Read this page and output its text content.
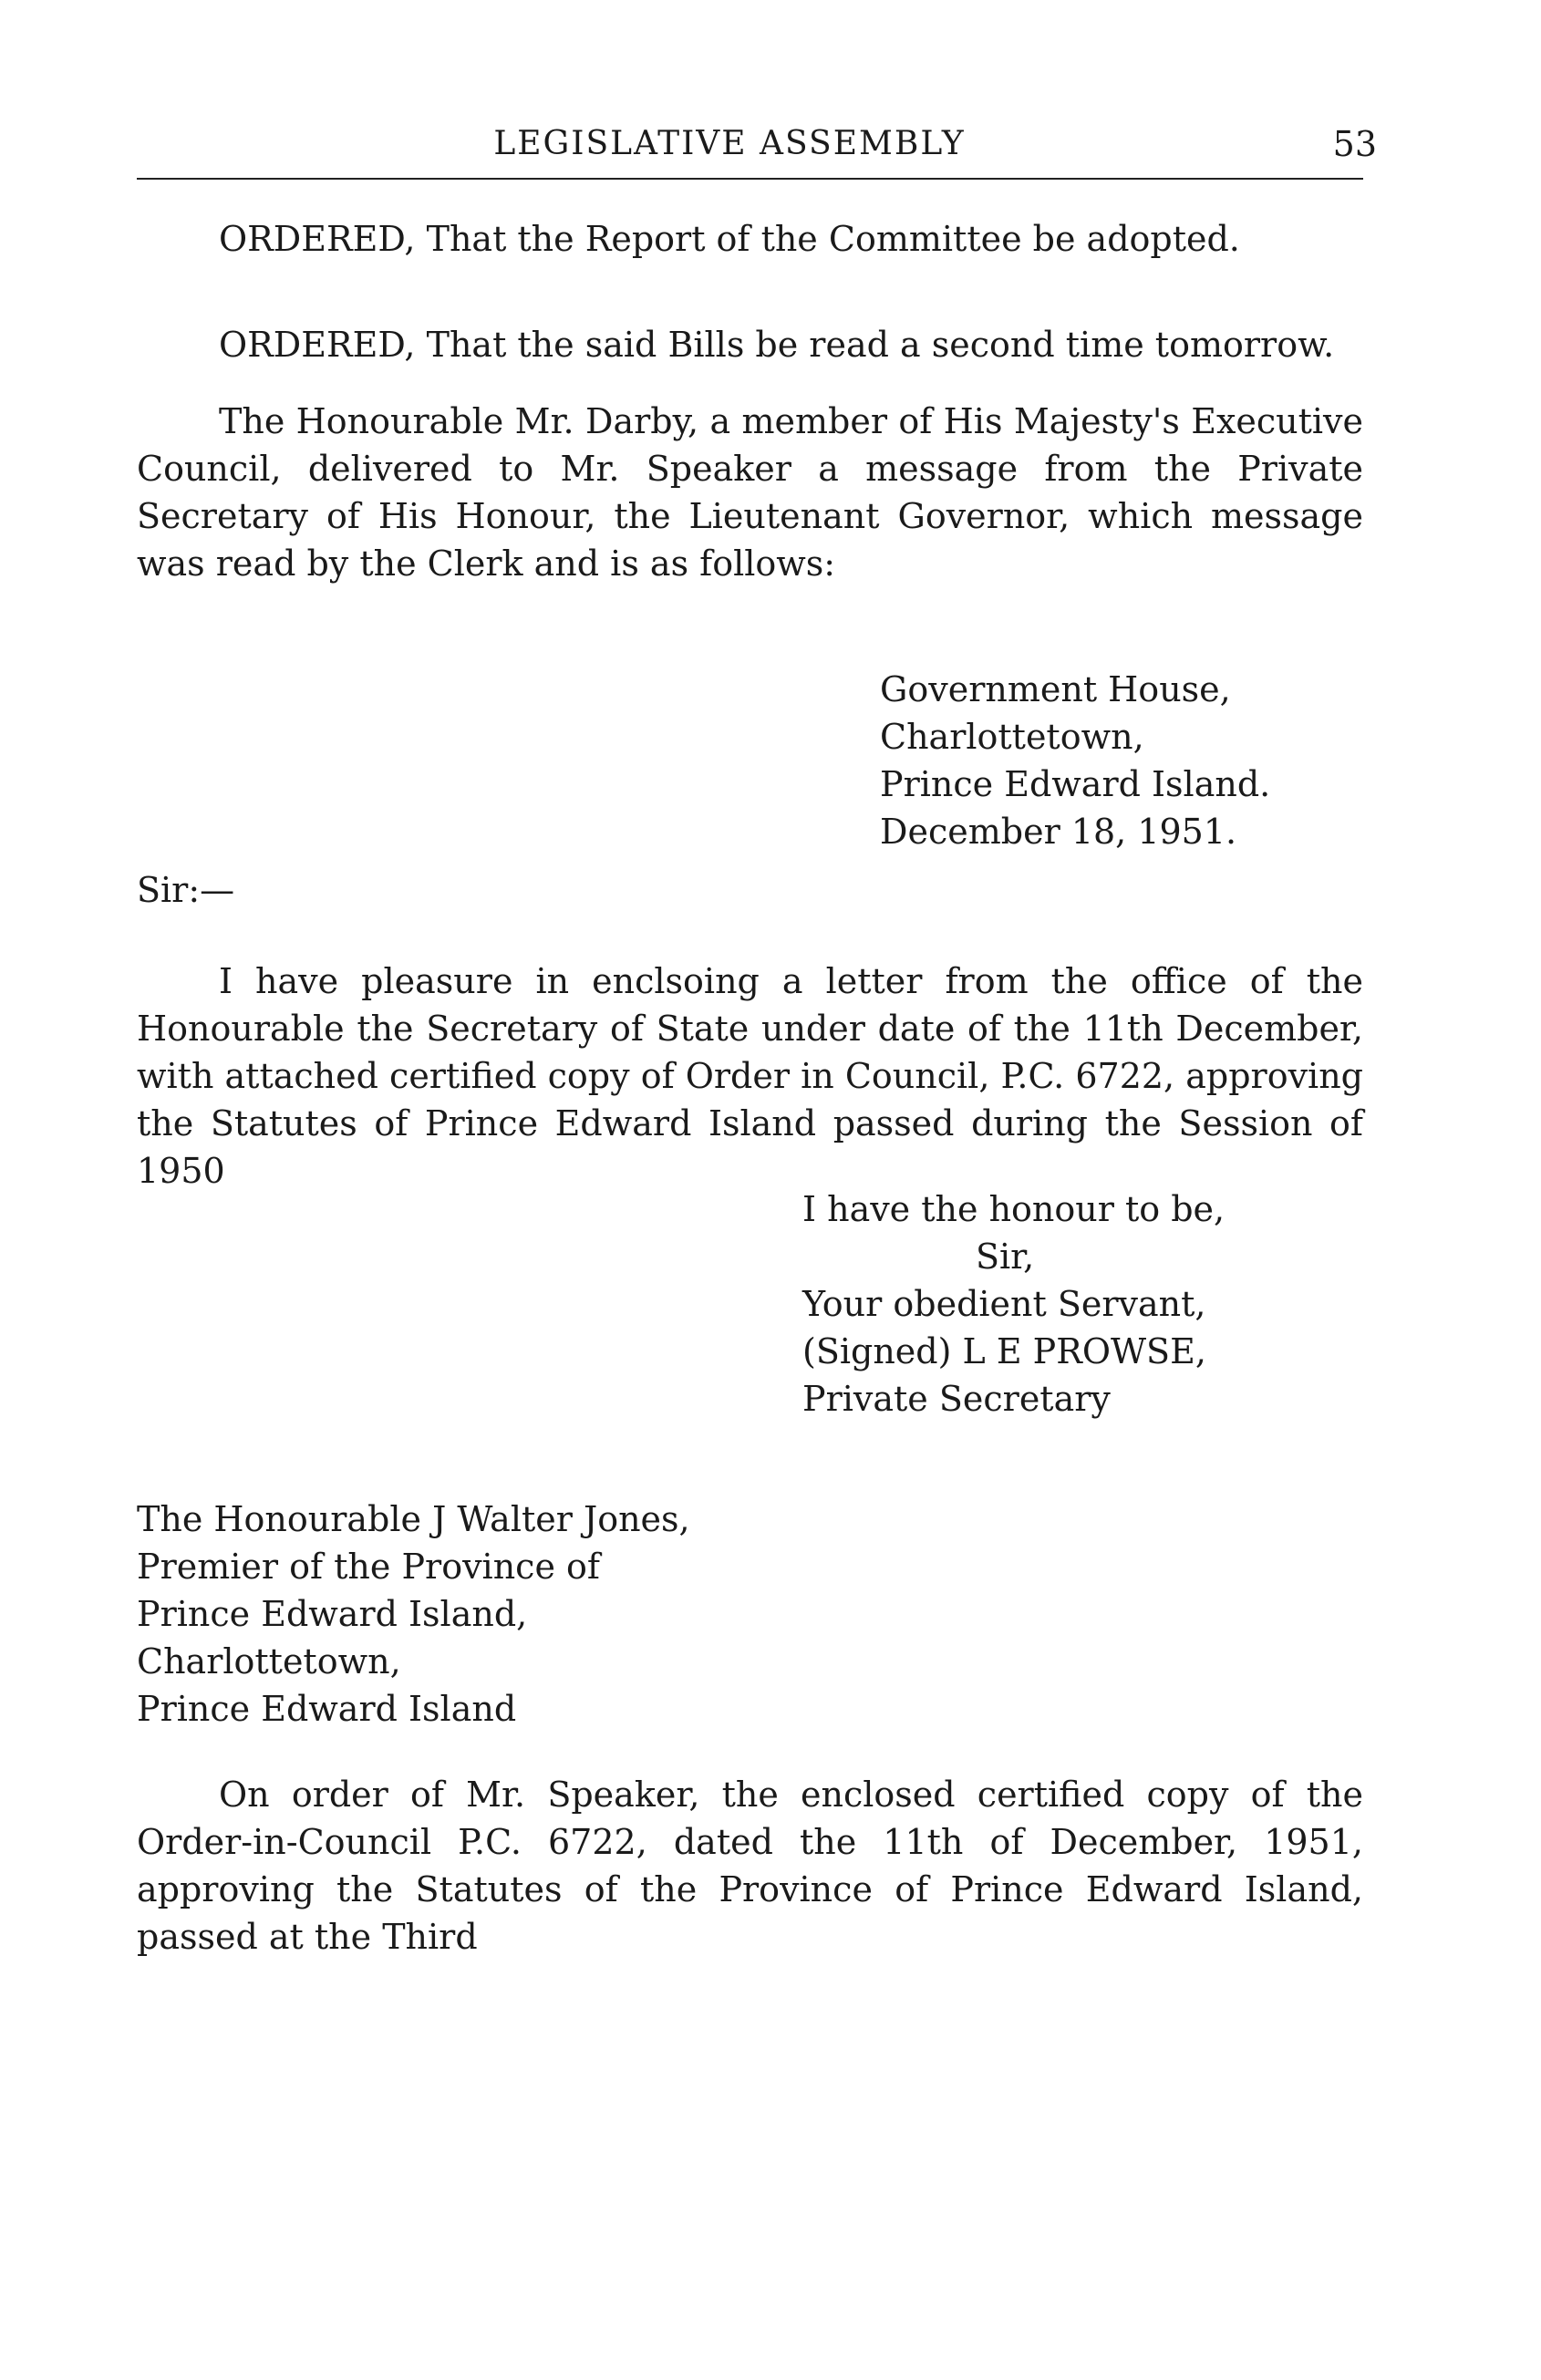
LEGISLATIVE ASSEMBLY	53

ORDERED, That the Report of the Committee be adopted.

ORDERED, That the said Bills be read a second time tomorrow.

The Honourable Mr. Darby, a member of His Majesty's Executive Council, delivered to Mr. Speaker a message from the Private Secretary of His Honour, the Lieutenant Governor, which message was read by the Clerk and is as follows:

Government House,
Charlottetown,
Prince Edward Island.
December 18, 1951.
Sir:—

I have pleasure in enclsoing a letter from the office of the Honourable the Secretary of State under date of the 11th December, with attached certified copy of Order in Council, P.C. 6722, approving the Statutes of Prince Edward Island passed during the Session of 1950

I have the honour to be,
Sir,
Your obedient Servant,
(Signed) L E PROWSE,
Private Secretary
The Honourable J Walter Jones,
Premier of the Province of
Prince Edward Island,
Charlottetown,
Prince Edward Island

On order of Mr. Speaker, the enclosed certified copy of the Order-in-Council P.C. 6722, dated the 11th of December, 1951, approving the Statutes of the Province of Prince Edward Island, passed at the Third
